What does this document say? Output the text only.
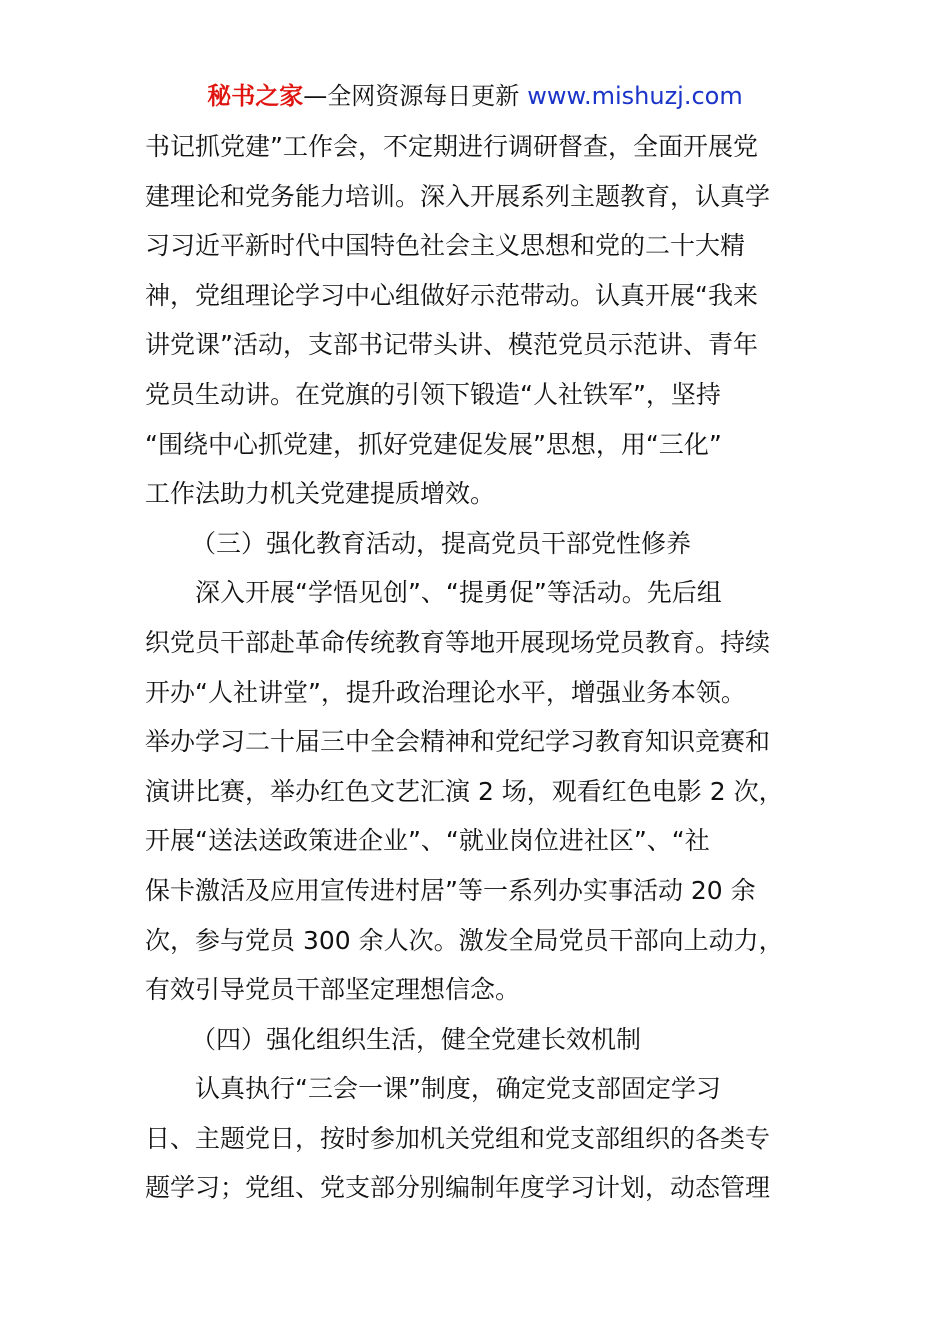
秘书之家—全网资源每日更新 www.mishuzj.com
书记抓党建”工作会，不定期进行调研督查，全面开展党
建理论和党务能力培训。深入开展系列主题教育，认真学
习习近平新时代中国特色社会主义思想和党的二十大精
神，党组理论学习中心组做好示范带动。认真开展“我来
讲党课”活动，支部书记带头讲、模范党员示范讲、青年
党员生动讲。在党旗的引领下锻造“人社铁军”，坚持
“围绕中心抓党建，抓好党建促发展”思想，用“三化”
工作法助力机关党建提质增效。
（三）强化教育活动，提高党员干部党性修养
深入开展“学悟见创”、“提勇促”等活动。先后组
织党员干部赴革命传统教育等地开展现场党员教育。持续
开办“人社讲堂”，提升政治理论水平，增强业务本领。
举办学习二十届三中全会精神和党纪学习教育知识竞赛和
演讲比赛，举办红色文艺汇演 2 场，观看红色电影 2 次，
开展“送法送政策进企业”、“就业岗位进社区”、“社
保卡激活及应用宣传进村居”等一系列办实事活动 20 余
次，参与党员 300 余人次。激发全局党员干部向上动力，
有效引导党员干部坚定理想信念。
（四）强化组织生活，健全党建长效机制
认真执行“三会一课”制度，确定党支部固定学习
日、主题党日，按时参加机关党组和党支部组织的各类专
题学习；党组、党支部分别编制年度学习计划，动态管理
